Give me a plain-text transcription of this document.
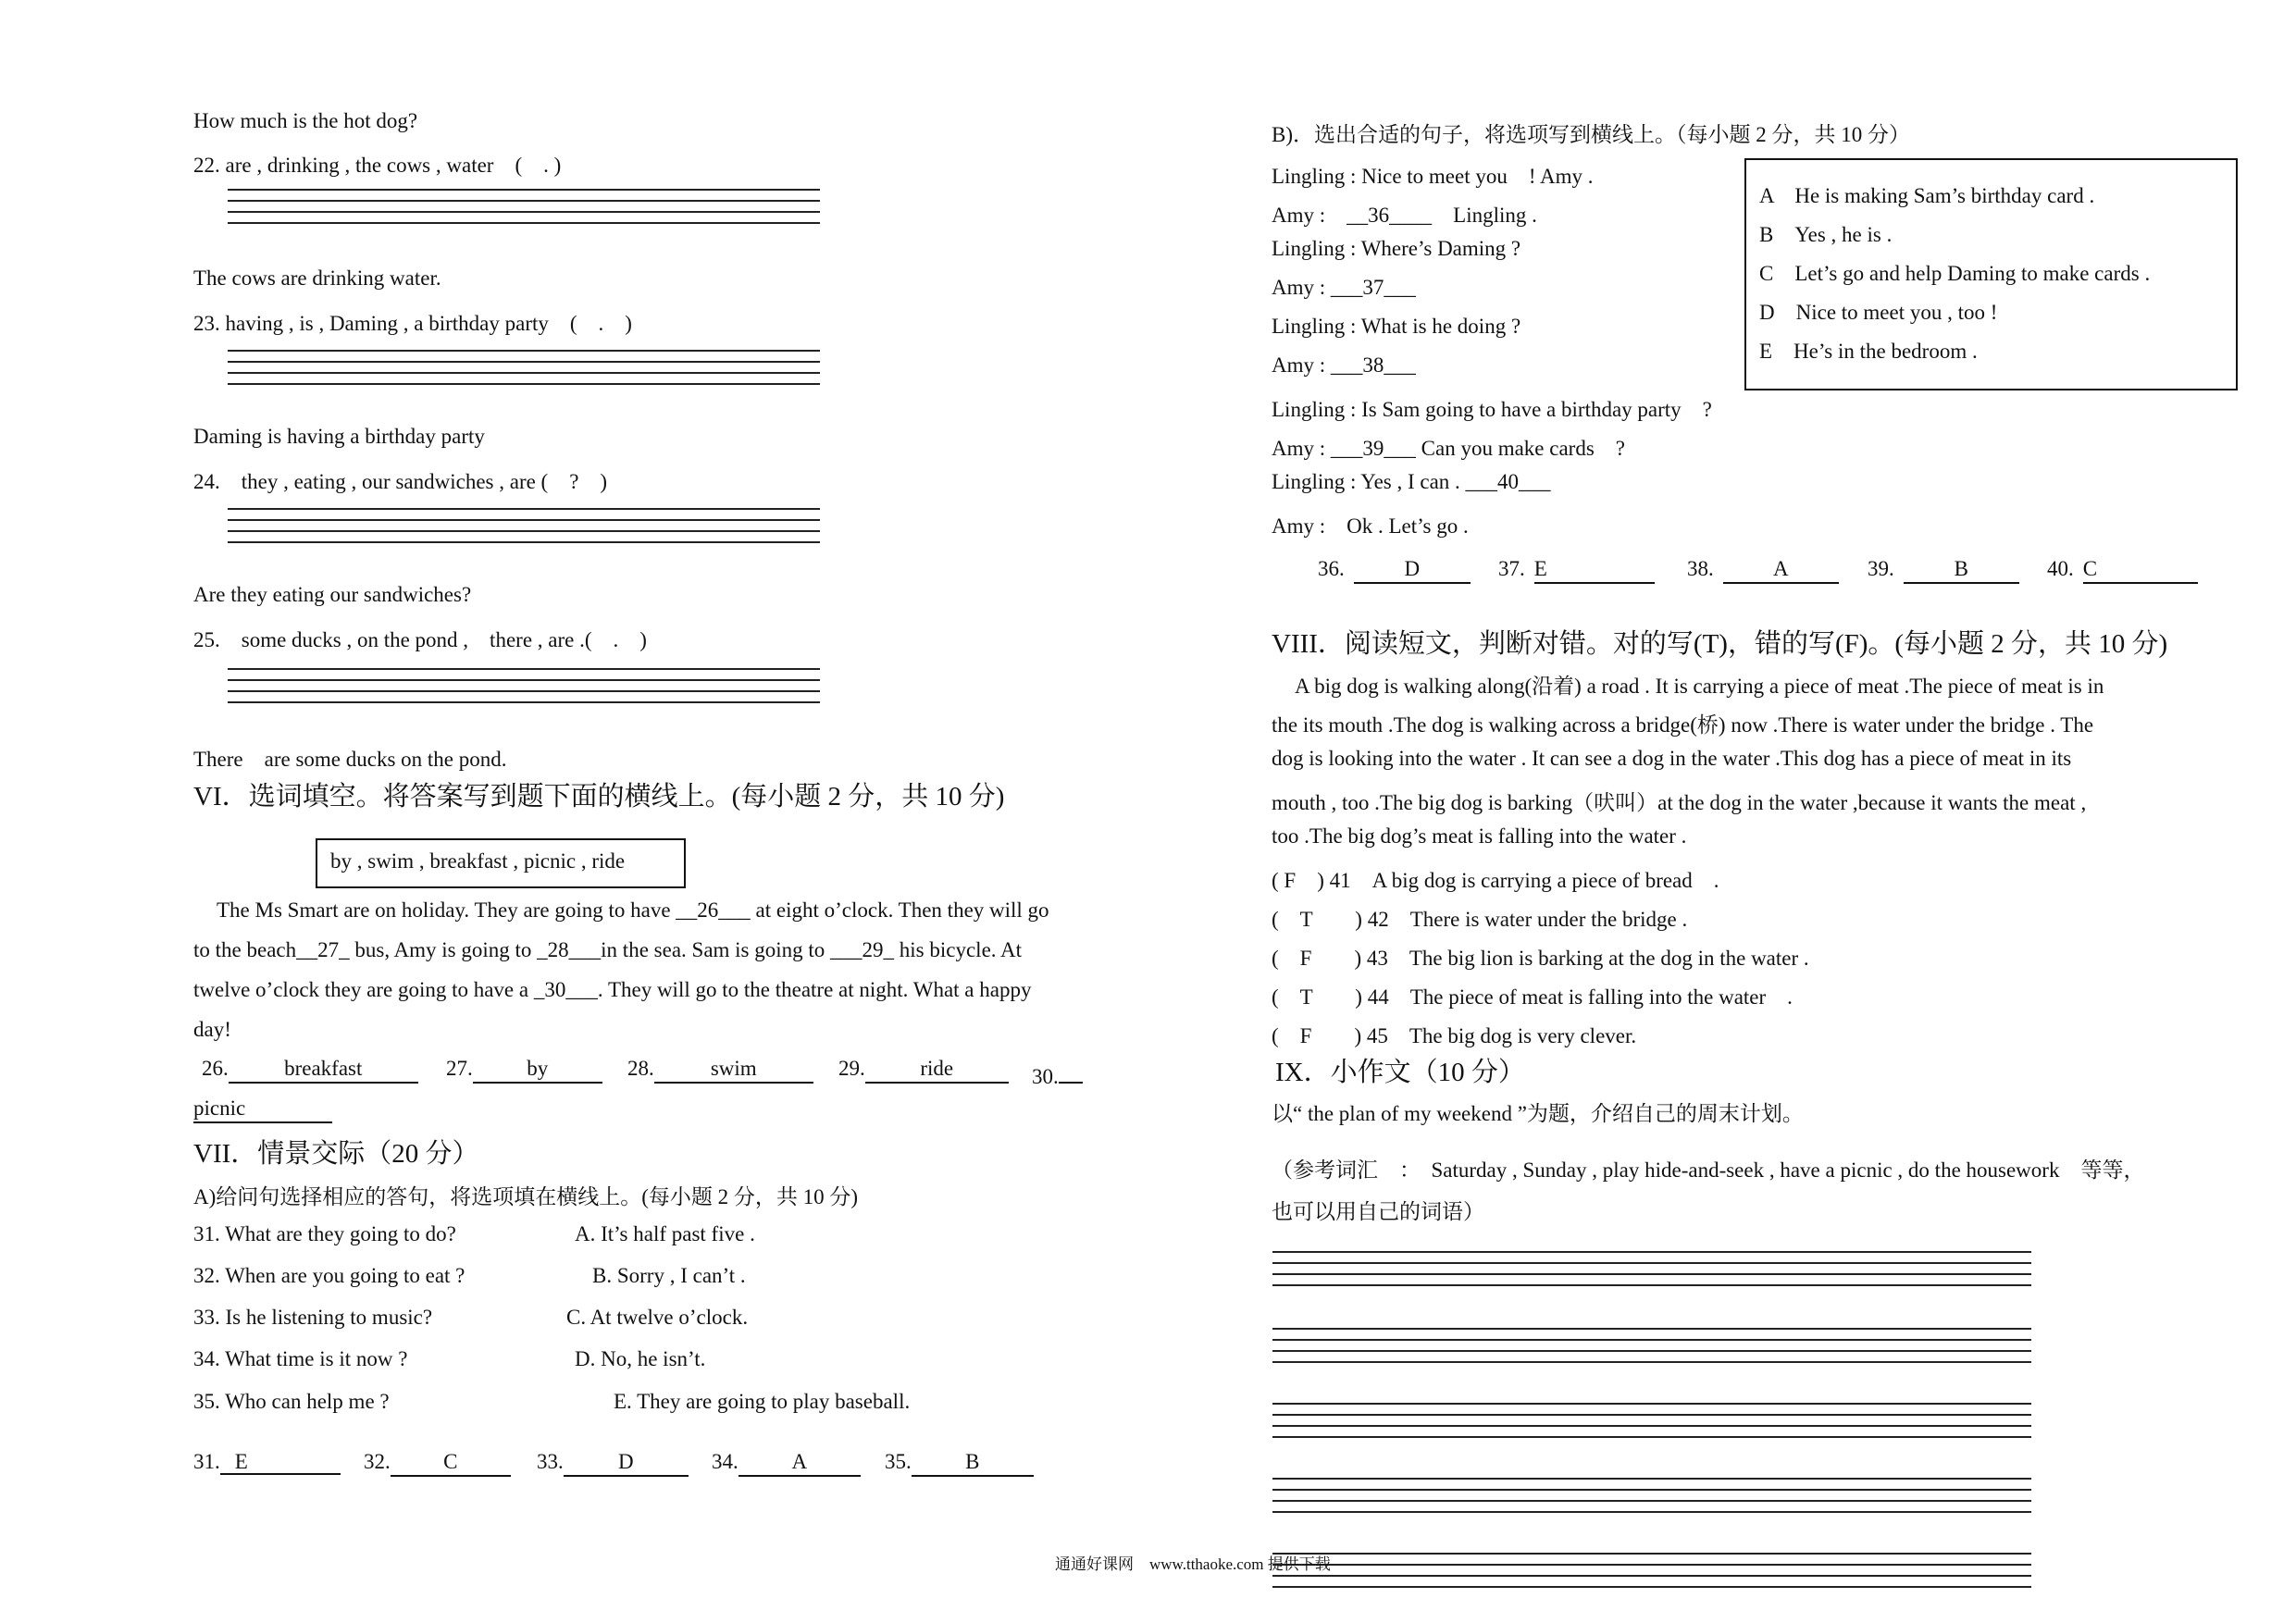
How much is the hot dog?
22. are , drinking , the cows , water　(　. )
The cows are drinking water.
23. having , is , Daming , a birthday party　(　.　)
Daming is having a birthday party
24.　they , eating , our sandwiches , are (　?　)
Are they eating our sandwiches?
25.　some ducks , on the pond ,　there , are .(　.　)
There　are some ducks on the pond.
VI．选词填空。将答案写到题下面的横线上。(每小题 2 分，共 10 分)
by , swim , breakfast , picnic , ride
The Ms Smart are on holiday. They are going to have __26___ at eight o’clock. Then they will go
to the beach__27_ bus, Amy is going to _28___in the sea. Sam is going to ___29_ his bicycle. At
twelve o’clock they are going to have a _30___. They will go to the theatre at night. What a happy
day!
26.	breakfast	27.	by	28.	swim	29.	ride	30.
picnic
VII．情景交际（20 分）
A)给问句选择相应的答句，将选项填在横线上。(每小题 2 分，共 10 分)
31. What are they going to do?	A. It’s half past five .
32. When are you going to eat ?	B. Sorry , I can’t .
33. Is he listening to music?	C. At twelve o’clock.
34. What time is it now ?	D. No, he isn’t.
35. Who can help me ?	E. They are going to play baseball.
31. E	32. C	33.	D	34.	A	35.	B
B)．选出合适的句子，将选项写到横线上。（每小题 2 分，共 10 分）
Lingling : Nice to meet you　! Amy .
Amy :　__36____　Lingling .
Lingling : Where’s Daming ?
Amy : ___37___
Lingling : What is he doing ?
Amy : ___38___
Lingling : Is Sam going to have a birthday party　?
Amy : ___39___ Can you make cards　?
Lingling : Yes , I can . ___40___
Amy :　Ok . Let’s go .
A　He is making Sam’s birthday card .
B　Yes , he is .
C　Let’s go and help Daming to make cards .
D　Nice to meet you , too !
E　He’s in the bedroom .
36.	D	37. E	38.	A	39.	B	40. C
VIII．阅读短文，判断对错。对的写(T)，错的写(F)。(每小题 2 分，共 10 分)
A big dog is walking along(沿着) a road . It is carrying a piece of meat .The piece of meat is in
the its mouth .The dog is walking across a bridge(桥) now .There is water under the bridge . The
dog is looking into the water . It can see a dog in the water .This dog has a piece of meat in its
mouth , too .The big dog is barking（吠叫）at the dog in the water ,because it wants the meat ,
too .The big dog’s meat is falling into the water .
( F　) 41　A big dog is carrying a piece of bread　.
(　T　　) 42　There is water under the bridge .
(　F　　) 43　The big lion is barking at the dog in the water .
(　T　　) 44　The piece of meat is falling into the water　.
(　F　　) 45　The big dog is very clever.
IX．小作文（10 分）
以“ the plan of my weekend ”为题，介绍自己的周末计划。
（参考词汇　：　Saturday , Sunday , play hide-and-seek , have a picnic , do the housework　等等，
也可以用自己的词语）
通通好课网　www.tthaoke.com 提供下载
